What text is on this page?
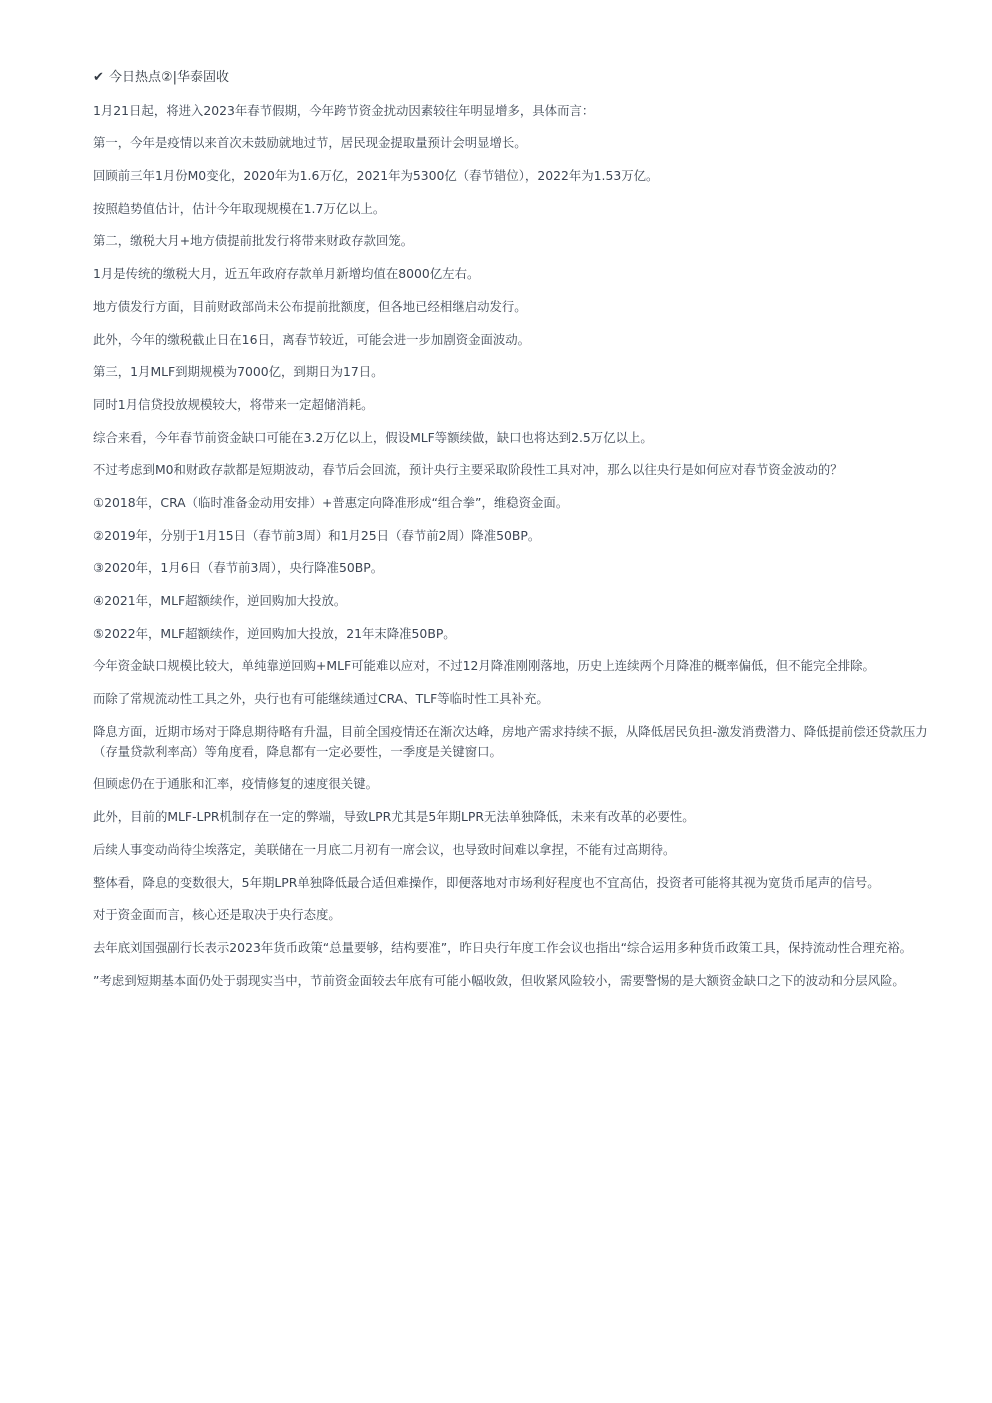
✔ 今日热点②|华泰固收

1月21日起，将进入2023年春节假期，今年跨节资金扰动因素较往年明显增多，具体而言：

第一，今年是疫情以来首次未鼓励就地过节，居民现金提取量预计会明显增长。

回顾前三年1月份M0变化，2020年为1.6万亿，2021年为5300亿（春节错位），2022年为1.53万亿。

按照趋势值估计，估计今年取现规模在1.7万亿以上。

第二，缴税大月+地方债提前批发行将带来财政存款回笼。

1月是传统的缴税大月，近五年政府存款单月新增均值在8000亿左右。

地方债发行方面，目前财政部尚未公布提前批额度，但各地已经相继启动发行。

此外，今年的缴税截止日在16日，离春节较近，可能会进一步加剧资金面波动。

第三，1月MLF到期规模为7000亿，到期日为17日。

同时1月信贷投放规模较大，将带来一定超储消耗。

综合来看，今年春节前资金缺口可能在3.2万亿以上，假设MLF等额续做，缺口也将达到2.5万亿以上。

不过考虑到M0和财政存款都是短期波动，春节后会回流，预计央行主要采取阶段性工具对冲，那么以往央行是如何应对春节资金波动的？

①2018年，CRA（临时准备金动用安排）+普惠定向降准形成“组合拳”，维稳资金面。

②2019年，分别于1月15日（春节前3周）和1月25日（春节前2周）降准50BP。

③2020年，1月6日（春节前3周），央行降准50BP。

④2021年，MLF超额续作，逆回购加大投放。

⑤2022年，MLF超额续作，逆回购加大投放，21年末降准50BP。

今年资金缺口规模比较大，单纯靠逆回购+MLF可能难以应对，不过12月降准刚刚落地，历史上连续两个月降准的概率偏低，但不能完全排除。

而除了常规流动性工具之外，央行也有可能继续通过CRA、TLF等临时性工具补充。

降息方面，近期市场对于降息期待略有升温，目前全国疫情还在渐次达峰，房地产需求持续不振，从降低居民负担-激发消费潜力、降低提前偿还贷款压力（存量贷款利率高）等角度看，降息都有一定必要性，一季度是关键窗口。

但顾虑仍在于通胀和汇率，疫情修复的速度很关键。

此外，目前的MLF-LPR机制存在一定的弊端，导致LPR尤其是5年期LPR无法单独降低，未来有改革的必要性。

后续人事变动尚待尘埃落定，美联储在一月底二月初有一席会议，也导致时间难以拿捏，不能有过高期待。

整体看，降息的变数很大，5年期LPR单独降低最合适但难操作，即便落地对市场利好程度也不宜高估，投资者可能将其视为宽货币尾声的信号。

对于资金面而言，核心还是取决于央行态度。

去年底刘国强副行长表示2023年货币政策“总量要够，结构要准”，昨日央行年度工作会议也指出“综合运用多种货币政策工具，保持流动性合理充裕。

”考虑到短期基本面仍处于弱现实当中，节前资金面较去年底有可能小幅收敛，但收紧风险较小，需要警惕的是大额资金缺口之下的波动和分层风险。
